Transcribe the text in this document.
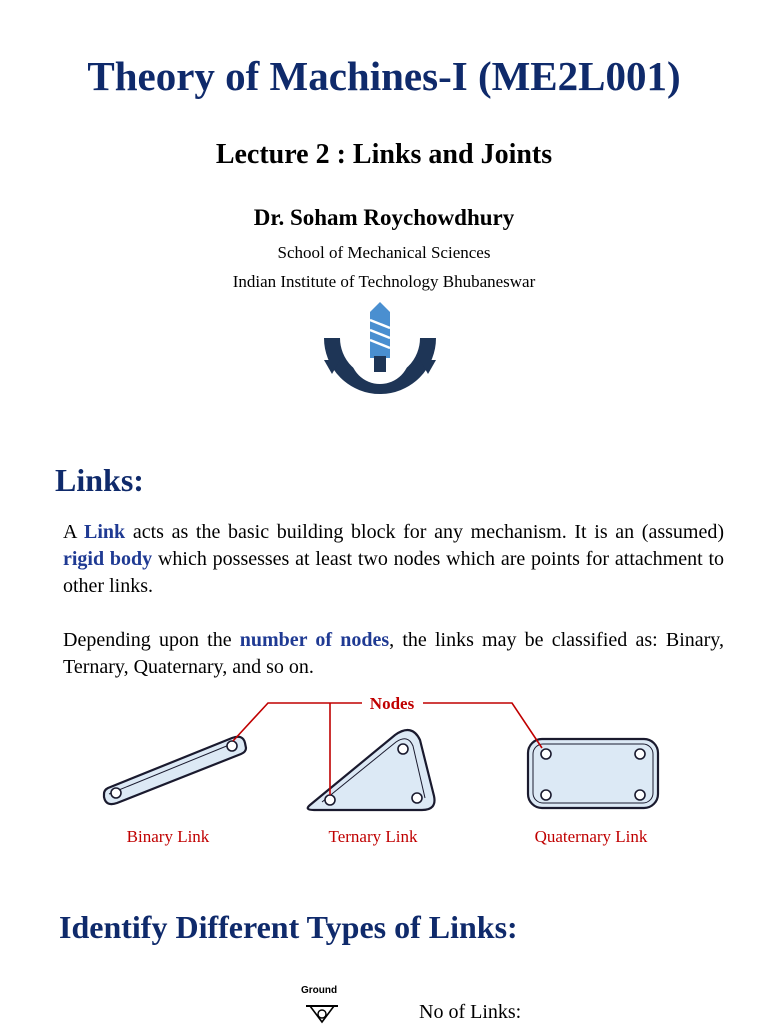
Theory of Machines-I (ME2L001)
Lecture 2 : Links and Joints
Dr. Soham Roychowdhury
School of Mechanical Sciences
Indian Institute of Technology Bhubaneswar
Links:
A Link acts as the basic building block for any mechanism. It is an (assumed) rigid body which possesses at least two nodes which are points for attachment to other links.
Depending upon the number of nodes, the links may be classified as: Binary, Ternary, Quaternary, and so on.
Nodes
Binary Link	Ternary Link	Quaternary Link
Identify Different Types of Links:
Ground
No of Links:
